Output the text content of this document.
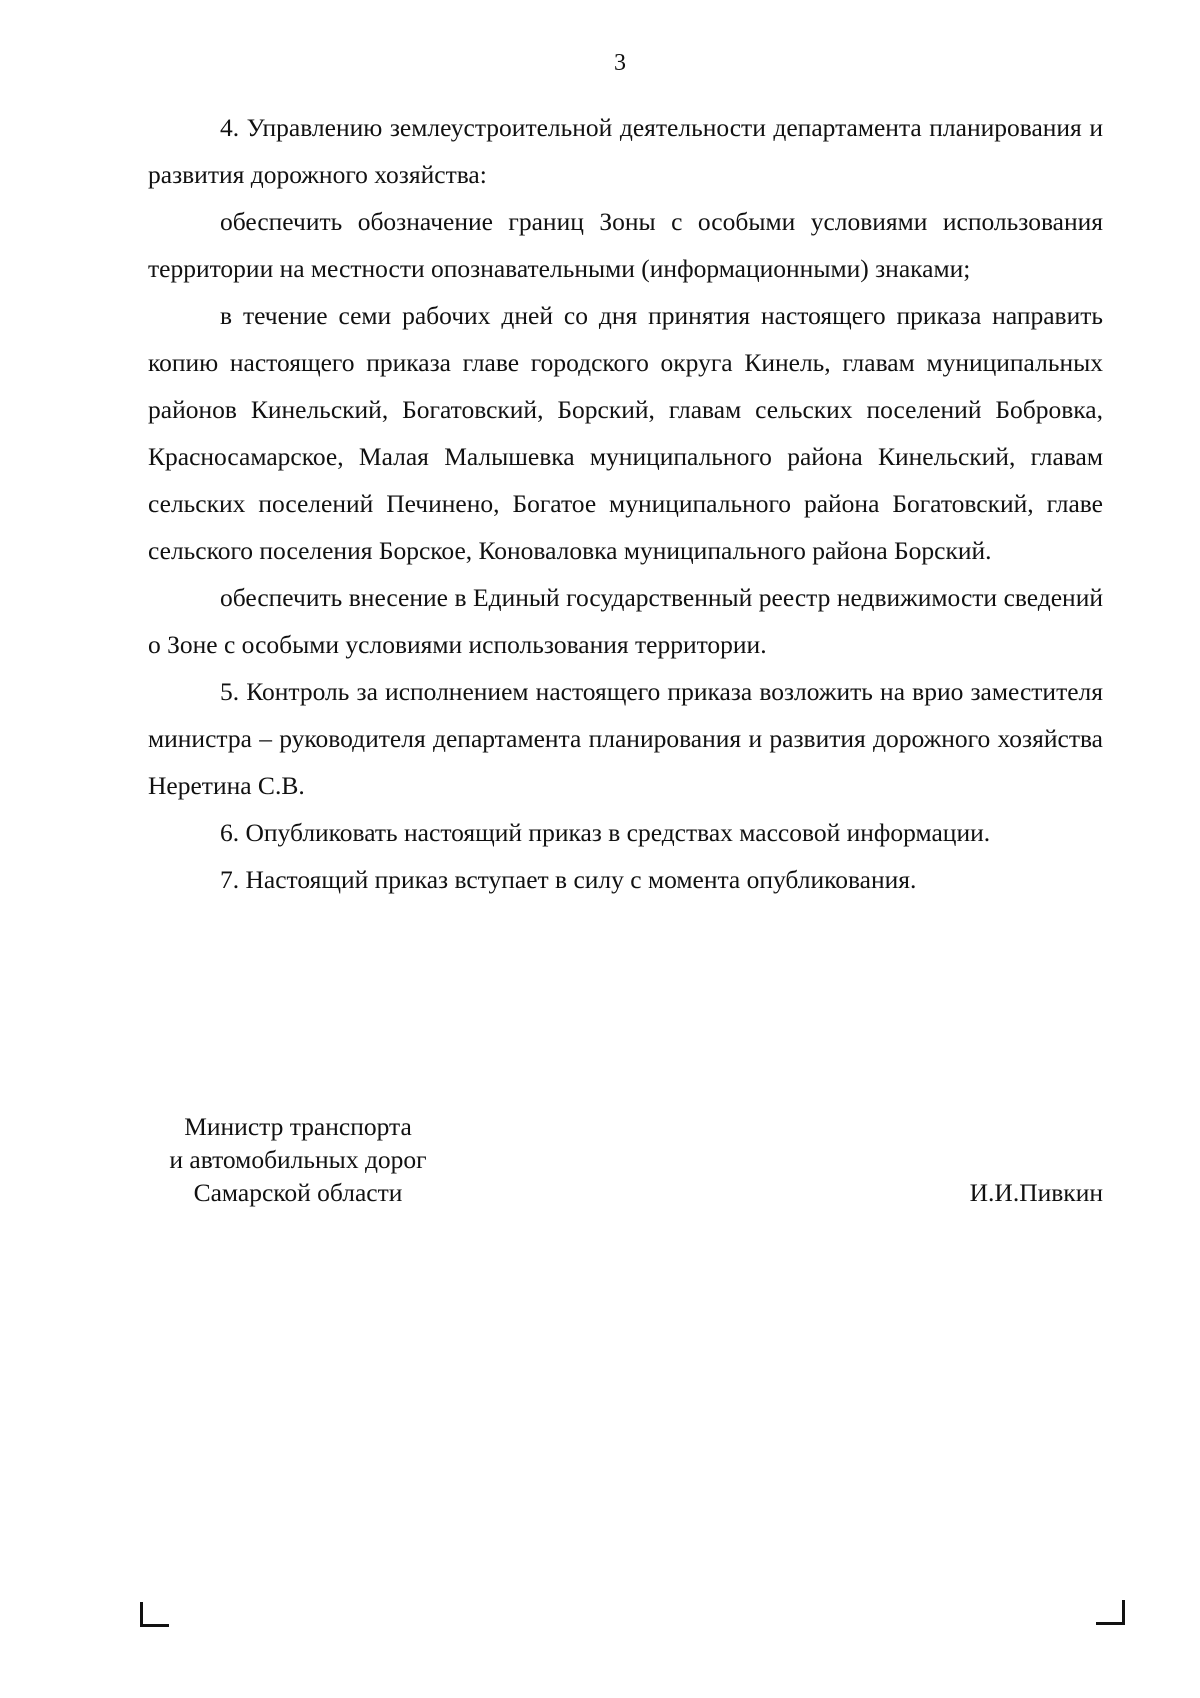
3

4. Управлению землеустроительной деятельности департамента планирования и развития дорожного хозяйства:

обеспечить обозначение границ Зоны с особыми условиями использования территории на местности опознавательными (информационными) знаками;

в течение семи рабочих дней со дня принятия настоящего приказа направить копию настоящего приказа главе городского округа Кинель, главам муниципальных районов Кинельский, Богатовский, Борский, главам сельских поселений Бобровка, Красносамарское, Малая Малышевка муниципального района Кинельский, главам сельских поселений Печинено, Богатое муниципального района Богатовский, главе сельского поселения Борское, Коноваловка муниципального района Борский.

обеспечить внесение в Единый государственный реестр недвижимости сведений о Зоне с особыми условиями использования территории.

5. Контроль за исполнением настоящего приказа возложить на врио заместителя министра – руководителя департамента планирования и развития дорожного хозяйства Неретина С.В.

6. Опубликовать настоящий приказ в средствах массовой информации.

7. Настоящий приказ вступает в силу с момента опубликования.

Министр транспорта
и автомобильных дорог
Самарской области	И.И.Пивкин
